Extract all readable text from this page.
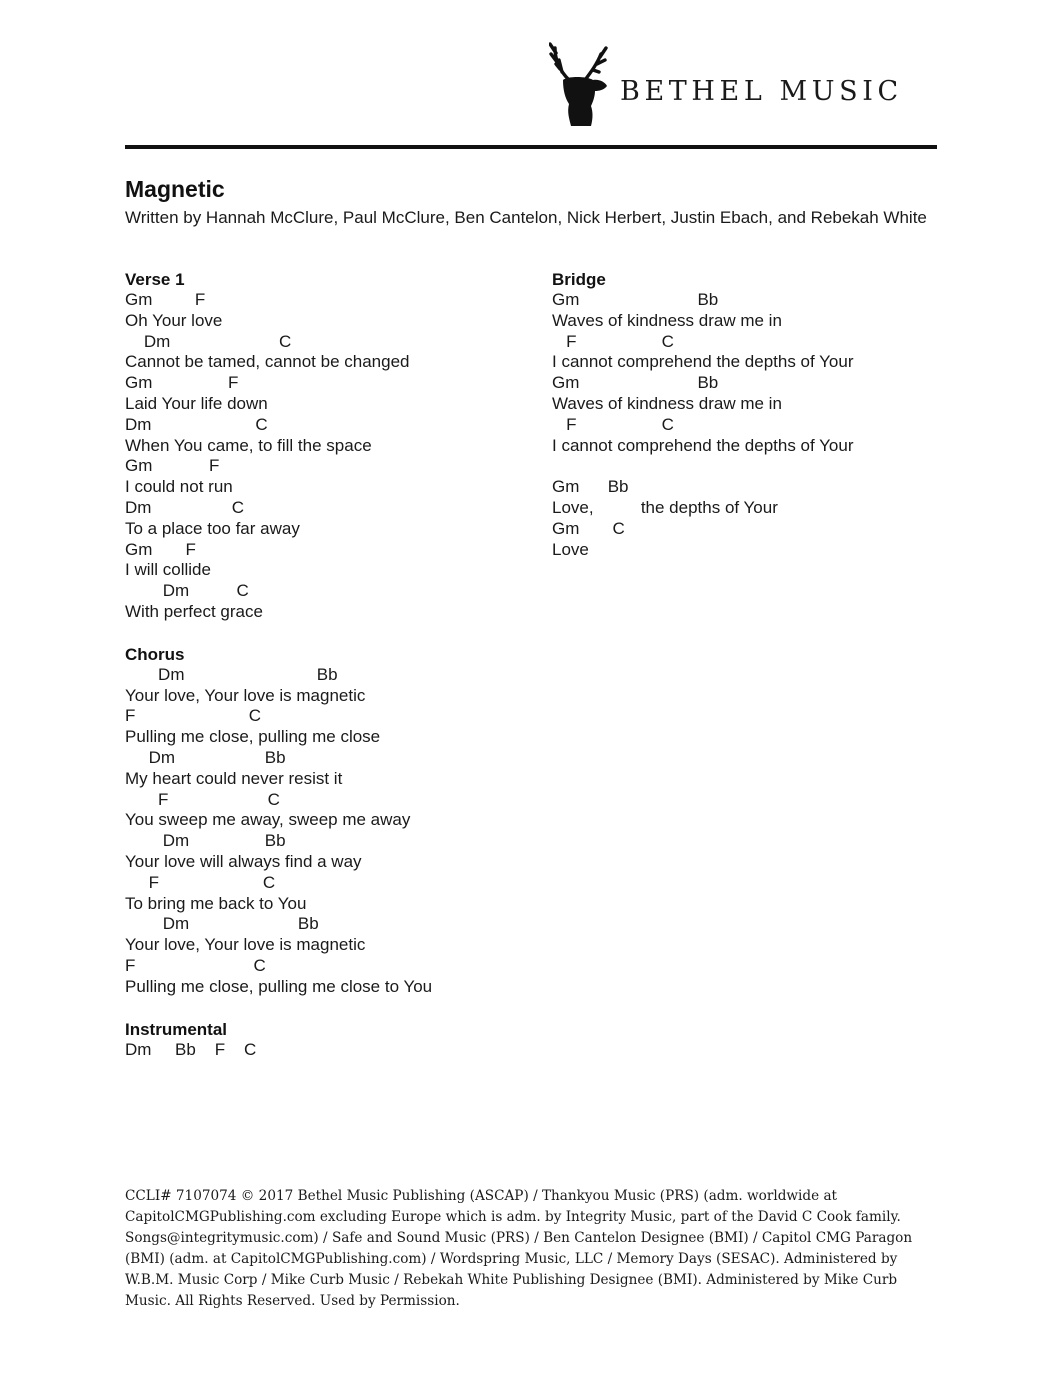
BETHEL MUSIC
Magnetic
Written by Hannah McClure, Paul McClure, Ben Cantelon, Nick Herbert, Justin Ebach, and Rebekah White
Verse 1
Gm         F
Oh Your love
Dm                       C
Cannot be tamed, cannot be changed
Gm                F
Laid Your life down
Dm                      C
When You came, to fill the space
Gm            F
I could not run
Dm                 C
To a place too far away
Gm       F
I will collide
Dm          C
With perfect grace
Chorus
Dm                            Bb
Your love, Your love is magnetic
F                        C
Pulling me close, pulling me close
Dm                   Bb
My heart could never resist it
F                     C
You sweep me away, sweep me away
Dm                Bb
Your love will always find a way
F                      C
To bring me back to You
Dm                       Bb
Your love, Your love is magnetic
F                         C
Pulling me close, pulling me close to You
Instrumental
Dm     Bb    F    C
Bridge
Gm                         Bb
Waves of kindness draw me in
F                  C
I cannot comprehend the depths of Your
Gm                         Bb
Waves of kindness draw me in
F                  C
I cannot comprehend the depths of Your
Gm      Bb
Love,          the depths of Your
Gm       C
Love
CCLI# 7107074 © 2017 Bethel Music Publishing (ASCAP) / Thankyou Music (PRS) (adm. worldwide at CapitolCMGPublishing.com excluding Europe which is adm. by Integrity Music, part of the David C Cook family. Songs@integritymusic.com) / Safe and Sound Music (PRS) / Ben Cantelon Designee (BMI) / Capitol CMG Paragon (BMI) (adm. at CapitolCMGPublishing.com) / Wordspring Music, LLC / Memory Days (SESAC). Administered by W.B.M. Music Corp / Mike Curb Music / Rebekah White Publishing Designee (BMI). Administered by Mike Curb Music. All Rights Reserved. Used by Permission.
